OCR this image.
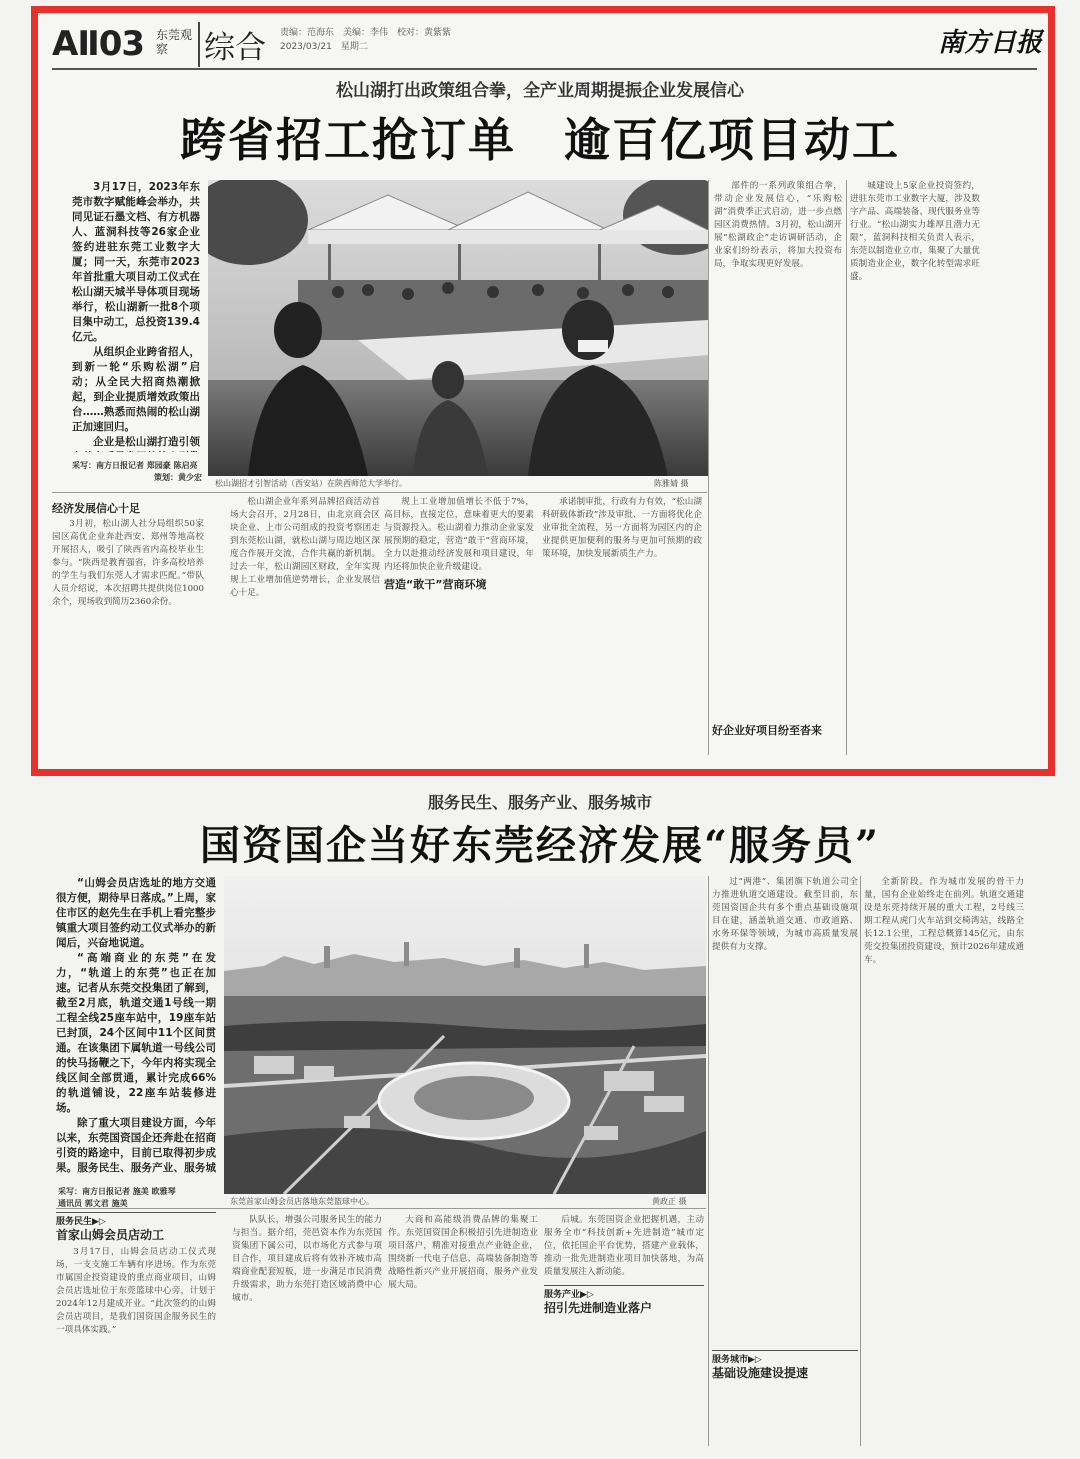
AⅡ03 东莞观察	综合 责编：范海东　美编：李伟　校对：黄紫紫
2023/03/21　星期二	南方日报
松山湖打出政策组合拳，全产业周期提振企业发展信心
跨省招工抢订单　逾百亿项目动工

3月17日，2023年东莞市数字赋能峰会举办，共同见证石墨文档、有方机器人、蓝洞科技等26家企业签约进驻东莞工业数字大厦；同一天，东莞市2023年首批重大项目动工仪式在松山湖天城半导体项目现场举行，松山湖新一批8个项目集中动工，总投资139.4亿元。

从组织企业跨省招人，到新一轮“乐购松湖”启动；从全民大招商热潮掀起，到企业提质增效政策出台……熟悉而热闹的松山湖正加速回归。

企业是松山湖打造引领

采写：南方日报记者 郑园豪 陈启亮
策划：黄少宏
松山湖招才引智活动（西安站）在陕西师范大学举行。	陈雅婧 摄

部件的一系列政策组合拳，带动企业发展信心，“乐购松湖”消费季正式启动，进一步点燃园区消费热情。3月初，松山湖开展“松湖政企”走访调研活动，企业家们纷纷表示，将加大投资布局，争取实现更好发展。

城建设上5家企业投资签约，进驻东莞市工业数字大厦，涉及数字产品、高端装备、现代服务业等行业。“松山湖实力雄厚且潜力无限”，蓝洞科技相关负责人表示，东莞以制造业立市，集聚了大量优质制造业企业，数字化转型需求旺盛。

经济发展信心十足

3月初，松山湖人社分局组织50家园区高优企业奔赴西安、郑州等地高校开展招人，吸引了陕西省内高校毕业生参与。“陕西是教育强省，许多高校培养的学生与我们东莞人才需求匹配。”带队人员介绍说，本次招聘共提供岗位1000余个，现场收到简历2360余份。

松山湖企业年系列品牌招商活动首场大会召开，2月28日，由北京商会区块企业、上市公司组成的投资考察团走到东莞松山湖，就松山湖与周边地区深度合作展开交流，合作共赢的新机制。过去一年，松山湖园区财政，全年实现规上工业增加值逆势增长，企业发展信心十足。

规上工业增加值增长不低于7%，高目标，直接定位，意味着更大的要素与资源投入。松山湖着力推动企业家发展预期的稳定，营造“敢干”营商环境，全力以赴推动经济发展和项目建设，年内还将加快企业升级建设。

营造“敢干”营商环境

承诺制审批，行政有力有效，“松山湖科研载体新政”涉及审批、一方面将优化企业审批全流程，另一方面将为园区内的企业提供更加便利的服务与更加可预期的政策环境，加快发展新质生产力。

好企业好项目纷至沓来

服务民生、服务产业、服务城市
国资国企当好东莞经济发展“服务员”

“山姆会员店选址的地方交通很方便，期待早日落成。”上周，家住市区的赵先生在手机上看完整步镇重大项目签约动工仪式举办的新闻后，兴奋地说道。

“高端商业的东莞”在发力，“轨道上的东莞”也正在加速。记者从东莞交投集团了解到，截至2月底，轨道交通1号线一期工程全线25座车站中，19座车站已封顶，24个区间中11个区间贯通。在该集团下属轨道一号线公司的快马扬鞭之下，今年内将实现全线区间全部贯通，累计完成66%的轨道铺设，22座车站装修进场。

除了重大项目建设方面，今年以来，东莞国资国企还奔赴在招商引资的路途中，目前已取得初步成果。服务民生、服务产业、服务城

采写：南方日报记者 施美 欧雅琴
通讯员 郭文君 施美	东莞首家山姆会员店落地东莞篮球中心。	黄政正 摄

过“两港”、集团旗下轨道公司全力推进轨道交通建设。截至目前，东莞国资国企共有多个重点基础设施项目在建，涵盖轨道交通、市政道路、水务环保等领域，为城市高质量发展提供有力支撑。

全新阶段。作为城市发展的骨干力量，国有企业始终走在前列。轨道交通建设是东莞持续开展的重大工程，2号线三期工程从虎门火车站到交椅湾站，线路全长12.1公里，工程总概算145亿元，由东莞交投集团投资建设，预计2026年建成通车。

服务民生▶▷

首家山姆会员店动工

3月17日，山姆会员店动工仪式现场，一支支施工车辆有序进场。作为东莞市属国企投资建设的重点商业项目，山姆会员店选址位于东莞篮球中心旁，计划于2024年12月建成开业。“此次签约的山姆会员店项目，是我们国资国企服务民生的一项具体实践。”

队队长，增强公司服务民生的能力与担当。据介绍，莞邑资本作为东莞国资集团下属公司，以市场化方式参与项目合作，项目建成后将有效补齐城市高端商业配套短板，进一步满足市民消费升级需求，助力东莞打造区域消费中心城市。

大商和高能级消费品牌的集聚工作。东莞国资国企积极招引先进制造业项目落户，精准对接重点产业链企业，围绕新一代电子信息、高端装备制造等战略性新兴产业开展招商，服务产业发展大局。

后城。东莞国资企业把握机遇，主动服务全市“科技创新+先进制造”城市定位，依托国企平台优势，搭建产业载体，推动一批先进制造业项目加快落地，为高质量发展注入新动能。

服务产业▶▷

招引先进制造业落户

服务城市▶▷

基础设施建设提速
